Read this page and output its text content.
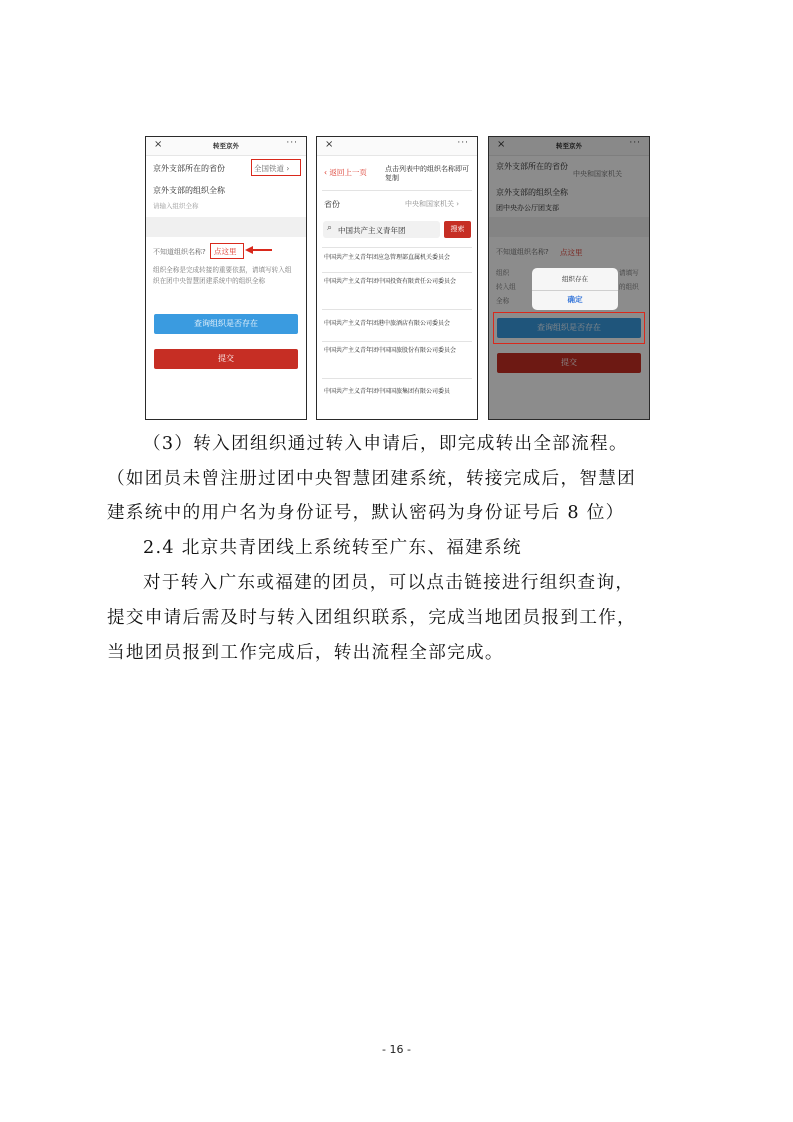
×	转至京外	···
京外支部所在的省份	全国铁道 ›
京外支部的组织全称
请输入组织全称
不知道组织名称? 点这里
组织全称是完成转接的重要依据，请填写转入组织在团中央智慧团建系统中的组织全称
查询组织是否存在
提交
×	···
‹ 返回上一页	点击列表中的组织名称即可复制
省份	中央和国家机关 ›
⌕ 中国共产主义青年团	搜索
中国共产主义青年团应急管理部直属机关委员会
中国共产主义青年团中国投资有限责任公司委员会
中国共产主义青年团港中旅酒店有限公司委员会
中国共产主义青年团中国国旅股份有限公司委员会
中国共产主义青年团中国国旅集团有限公司委员
×	转至京外	···
京外支部所在的省份
中央和国家机关
京外支部的组织全称
团中央办公厅团支部
不知道组织名称? 点这里
组织	请填写
转入组	的组织
全称
查询组织是否存在
提交
组织存在
确定
（3）转入团组织通过转入申请后，即完成转出全部流程。
（如团员未曾注册过团中央智慧团建系统，转接完成后，智慧团
建系统中的用户名为身份证号，默认密码为身份证号后 8 位）
2.4 北京共青团线上系统转至广东、福建系统
对于转入广东或福建的团员，可以点击链接进行组织查询，
提交申请后需及时与转入团组织联系，完成当地团员报到工作，
当地团员报到工作完成后，转出流程全部完成。
- 16 -
